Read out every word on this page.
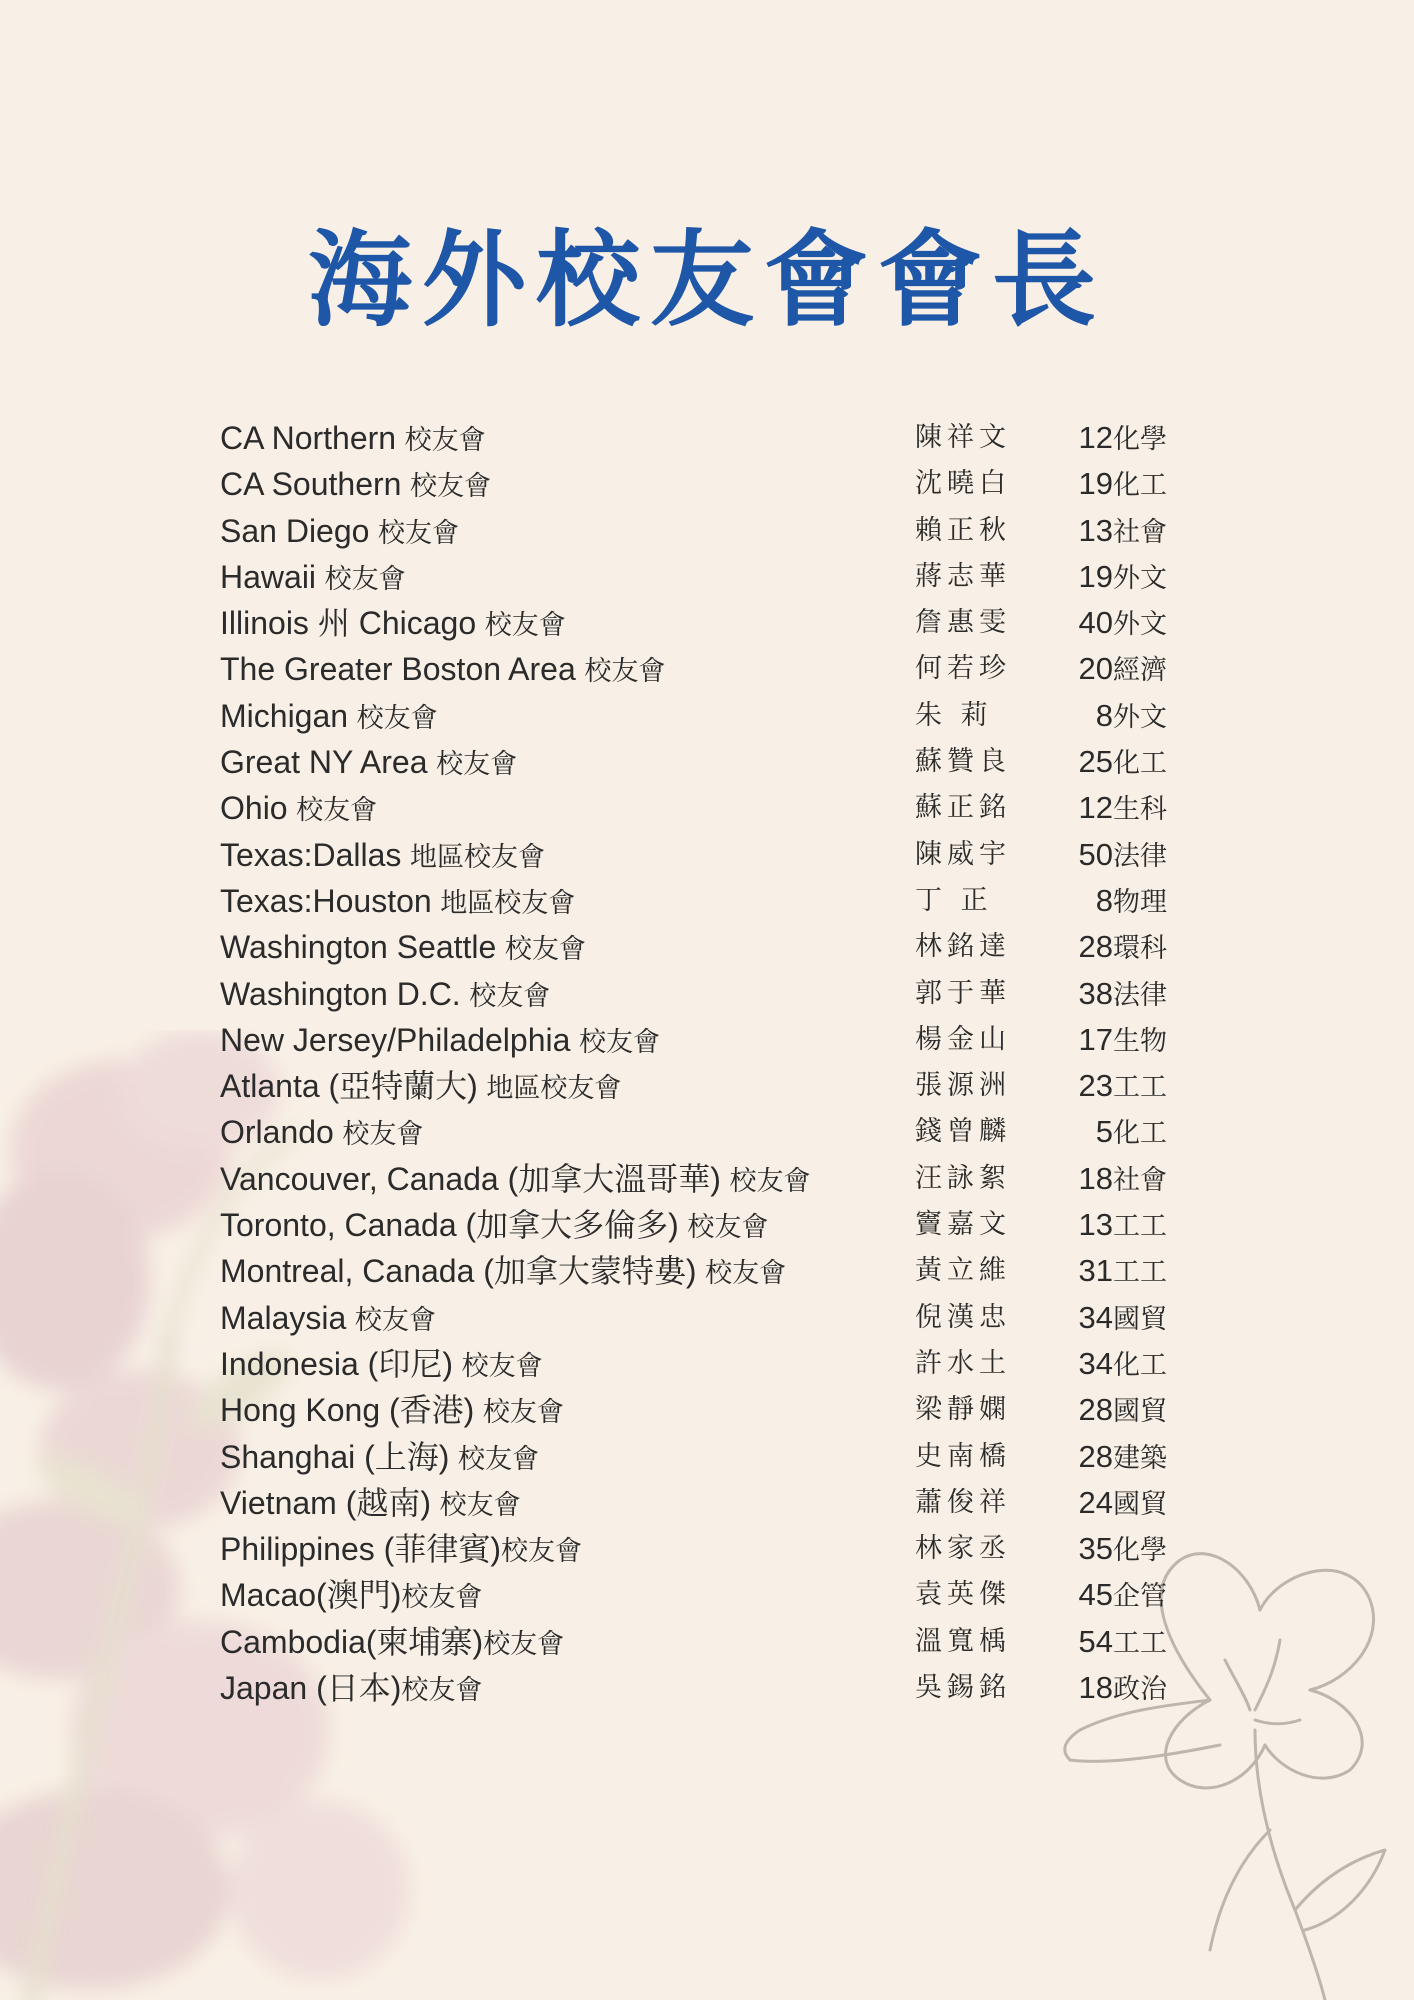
海外校友會會長
CA Northern 校友會	陳祥文 12化學
CA Southern 校友會	沈曉白 19化工
San Diego 校友會	賴正秋 13社會
Hawaii 校友會	蔣志華 19外文
Illinois 州 Chicago 校友會	詹惠雯 40外文
The Greater Boston Area 校友會	何若珍 20經濟
Michigan 校友會	朱 莉	8外文
Great NY Area 校友會	蘇贊良 25化工
Ohio 校友會	蘇正銘 12生科
Texas:Dallas 地區校友會	陳威宇 50法律
Texas:Houston 地區校友會	丁 正	8物理
Washington Seattle 校友會	林銘達 28環科
Washington D.C. 校友會	郭于華 38法律
New Jersey/Philadelphia 校友會	楊金山 17生物
Atlanta (亞特蘭大) 地區校友會	張源洲 23工工
Orlando 校友會	錢曾麟	5化工
Vancouver, Canada (加拿大溫哥華) 校友會	汪詠絮 18社會
Toronto, Canada (加拿大多倫多) 校友會	竇嘉文 13工工
Montreal, Canada (加拿大蒙特婁) 校友會	黃立維 31工工
Malaysia 校友會	倪漢忠 34國貿
Indonesia (印尼) 校友會	許水土 34化工
Hong Kong (香港) 校友會	梁靜嫻 28國貿
Shanghai (上海) 校友會	史南橋 28建築
Vietnam (越南) 校友會	蕭俊祥 24國貿
Philippines (菲律賓)校友會	林家丞 35化學
Macao(澳門)校友會	袁英傑 45企管
Cambodia(柬埔寨)校友會	溫寬楀 54工工
Japan (日本)校友會	吳錫銘 18政治
